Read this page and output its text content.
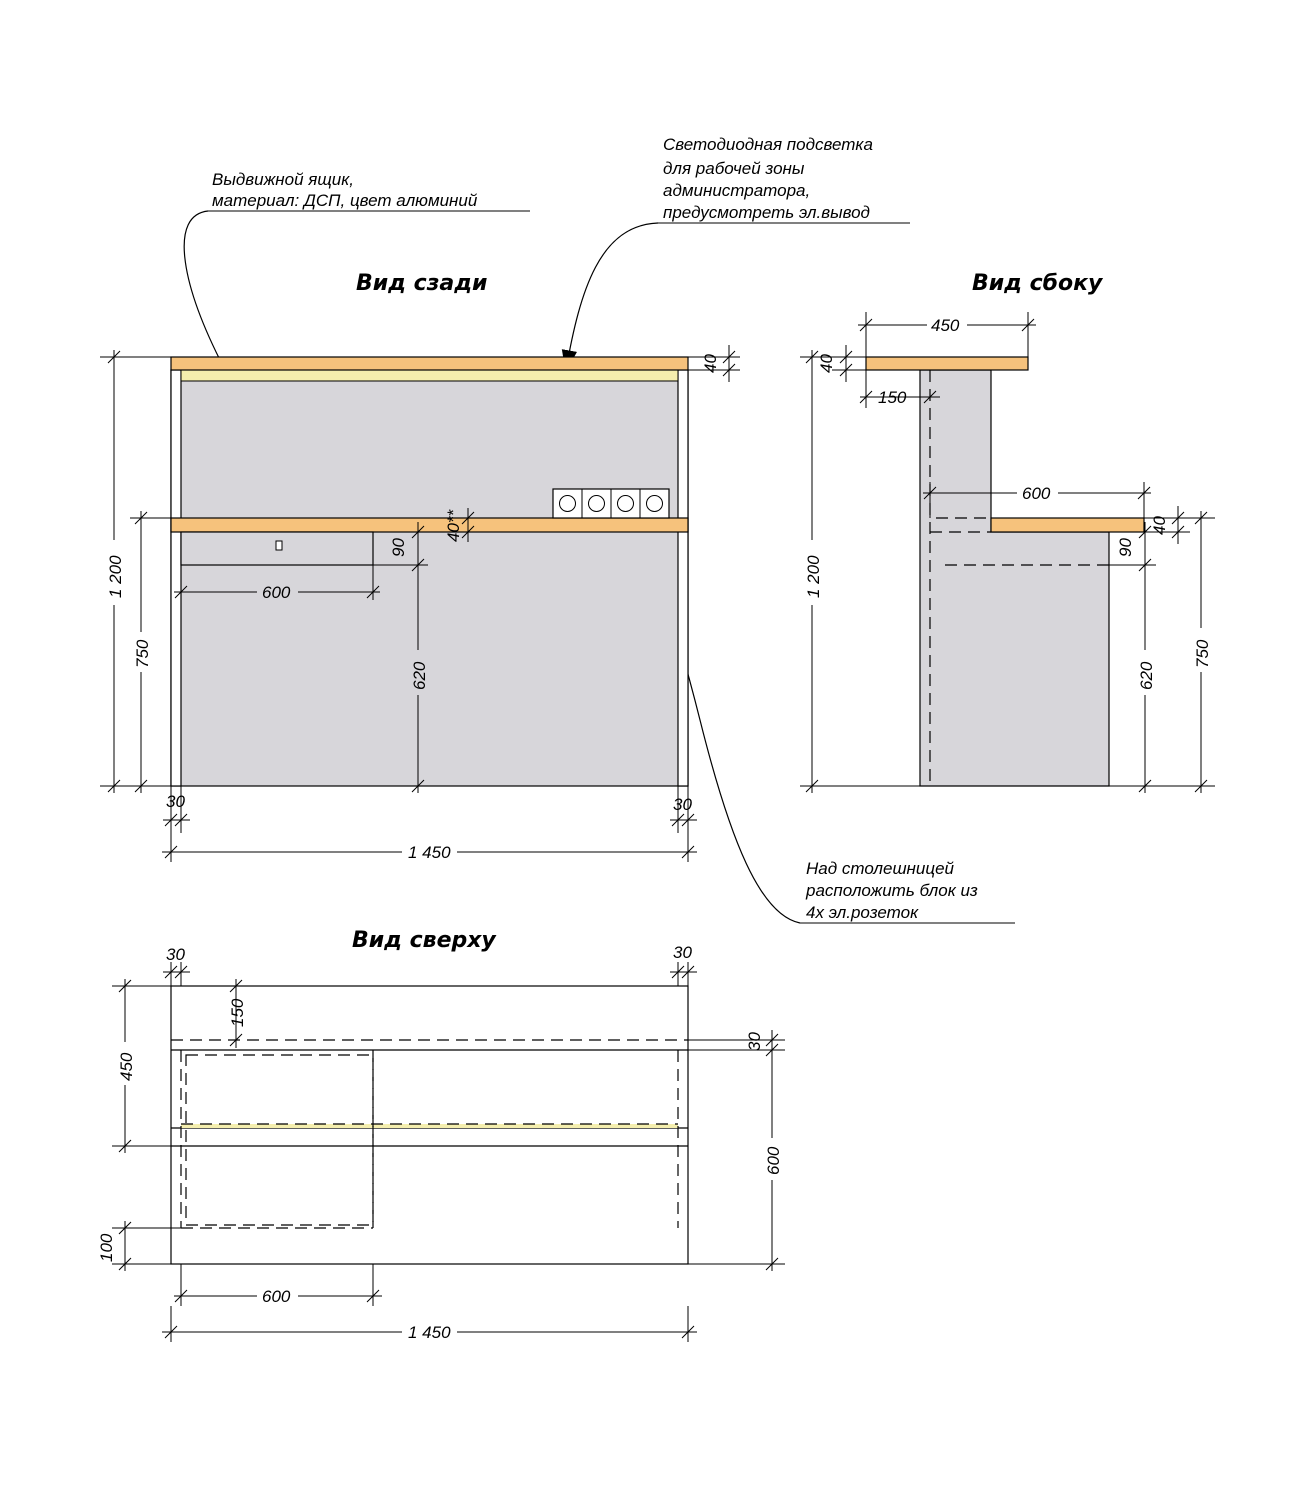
Вид сзади	Вид сбоку
Вид сверху
Выдвижной ящик,
материал: ДСП, цвет алюминий
Светодиодная подсветка
для рабочей зоны
администратора,
предусмотреть эл.вывод
Над столешницей
расположить блок из
4х эл.розеток
1 200
750
40
40**
90
620
600
30	30
1 450
450
40
150
1 200
600
40
90
620
750
30	30
150
450
30
600
100
600
1 450
